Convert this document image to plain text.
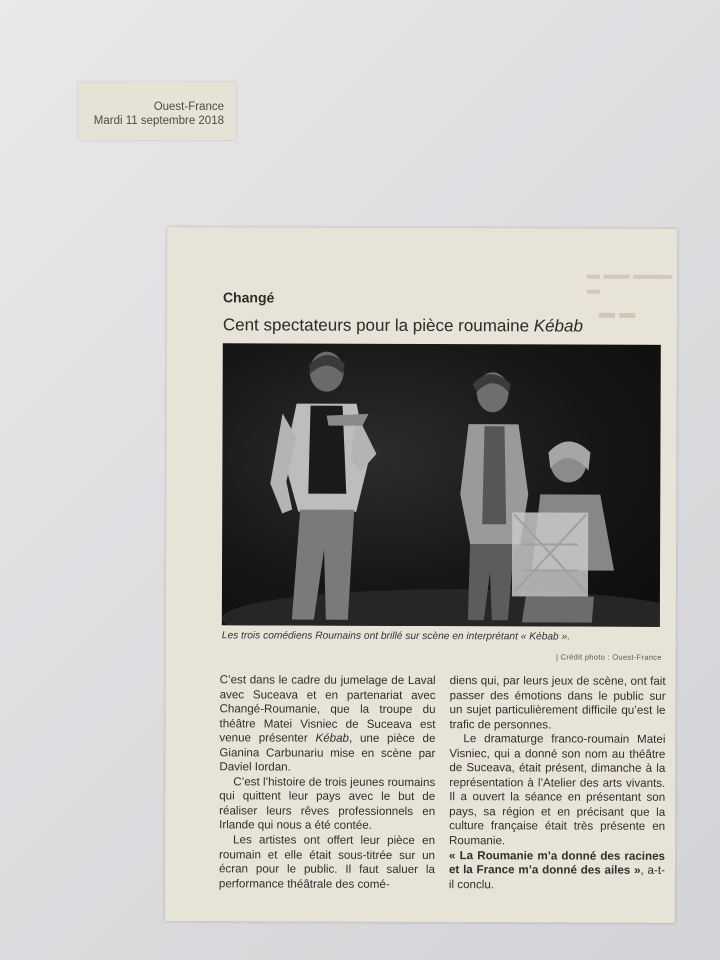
Ouest-France
Mardi 11 septembre 2018
▬ ▬▬ ▬▬▬ ▬
▬ ▬
Changé
Cent spectateurs pour la pièce roumaine Kébab
Les trois comédiens Roumains ont brillé sur scène en interprétant « Kébab ».
| Crédit photo : Ouest-France

C’est dans le cadre du jumelage de Laval avec Suceava et en partenariat avec Changé-Roumanie, que la troupe du théâtre Matei Visniec de Suceava est venue présenter Kébab, une pièce de Gianina Carbunariu mise en scène par Daviel Iordan.

C’est l’histoire de trois jeunes roumains qui quittent leur pays avec le but de réaliser leurs rêves professionnels en Irlande qui nous a été contée.

Les artistes ont offert leur pièce en roumain et elle était sous-titrée sur un écran pour le public. Il faut saluer la performance théâtrale des comé-

diens qui, par leurs jeux de scène, ont fait passer des émotions dans le public sur un sujet particulièrement difficile qu’est le trafic de personnes.

Le dramaturge franco-roumain Matei Visniec, qui a donné son nom au théâtre de Suceava, était présent, dimanche à la représentation à l’Atelier des arts vivants. Il a ouvert la séance en présentant son pays, sa région et en précisant que la culture française était très présente en Roumanie.

« La Roumanie m’a donné des racines et la France m’a donné des ailes », a-t-il conclu.
